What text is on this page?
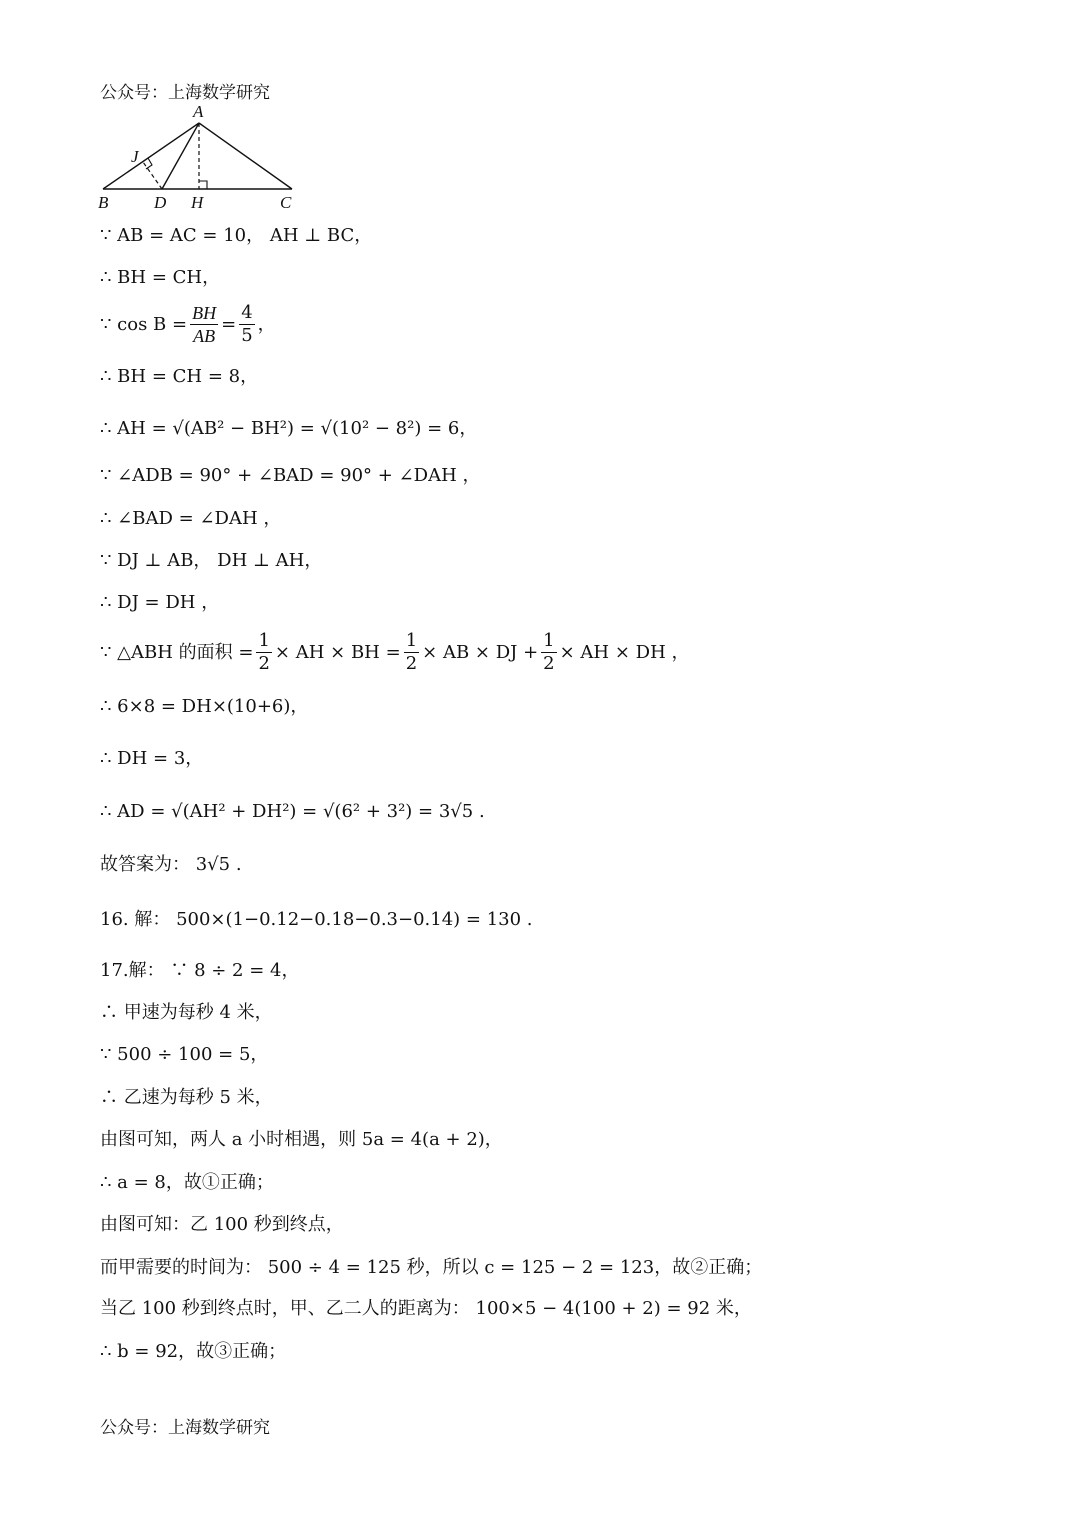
公众号：上海数学研究
A
B	C
D H
J
∵ AB = AC = 10， AH ⊥ BC，
∴ BH = CH，
∵ $\cos B = \frac{BH}{AB} = \frac{4}{5}$ ，
∴ BH = CH = 8，
∴ AH = √(AB² − BH²) = √(10² − 8²) = 6，
∵ ∠ADB = 90° + ∠BAD = 90° + ∠DAH ，
∴ ∠BAD = ∠DAH ，
∵ DJ ⊥ AB， DH ⊥ AH，
∴ DJ = DH ，
∵ △ABH 的面积 = $\frac{1}{2}$ × AH × BH = $\frac{1}{2}$ × AB × DJ + $\frac{1}{2}$ × AH × DH ，
∴ 6×8 = DH×(10+6)，
∴ DH = 3，
∴ AD = √(AH² + DH²) = √(6² + 3²) = 3√5 .
故答案为： 3√5 .
16. 解： 500×(1−0.12−0.18−0.3−0.14) = 130 .
17.解： ∵ 8 ÷ 2 = 4，
∴ 甲速为每秒 4 米，
∵ 500 ÷ 100 = 5，
∴ 乙速为每秒 5 米，
由图可知，两人 a 小时相遇，则 5a = 4(a + 2)，
∴ a = 8，故①正确；
由图可知：乙 100 秒到终点，
而甲需要的时间为： 500 ÷ 4 = 125 秒，所以 c = 125 − 2 = 123，故②正确；
当乙 100 秒到终点时，甲、乙二人的距离为： 100×5 − 4(100 + 2) = 92 米，
∴ b = 92，故③正确；
公众号：上海数学研究
